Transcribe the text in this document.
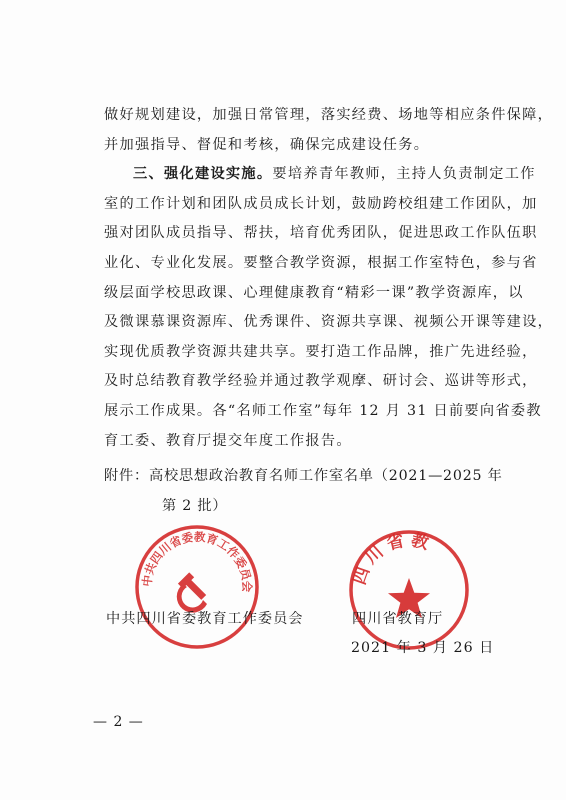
做好规划建设，加强日常管理，落实经费、场地等相应条件保障，
并加强指导、督促和考核，确保完成建设任务。
三、强化建设实施。要培养青年教师，主持人负责制定工作
室的工作计划和团队成员成长计划，鼓励跨校组建工作团队，加
强对团队成员指导、帮扶，培育优秀团队，促进思政工作队伍职
业化、专业化发展。要整合教学资源，根据工作室特色，参与省
级层面学校思政课、心理健康教育“精彩一课”教学资源库，以
及微课慕课资源库、优秀课件、资源共享课、视频公开课等建设，
实现优质教学资源共建共享。要打造工作品牌，推广先进经验，
及时总结教育教学经验并通过教学观摩、研讨会、巡讲等形式，
展示工作成果。各“名师工作室”每年 12 月 31 日前要向省委教
育工委、教育厅提交年度工作报告。
附件：高校思想政治教育名师工作室名单（2021—2025 年
第 2 批）
中共四川省委教育工作委员会	四川省教
中共四川省委教育工作委员会	四川省教育厅
2021 年 3 月 26 日
— 2 —
